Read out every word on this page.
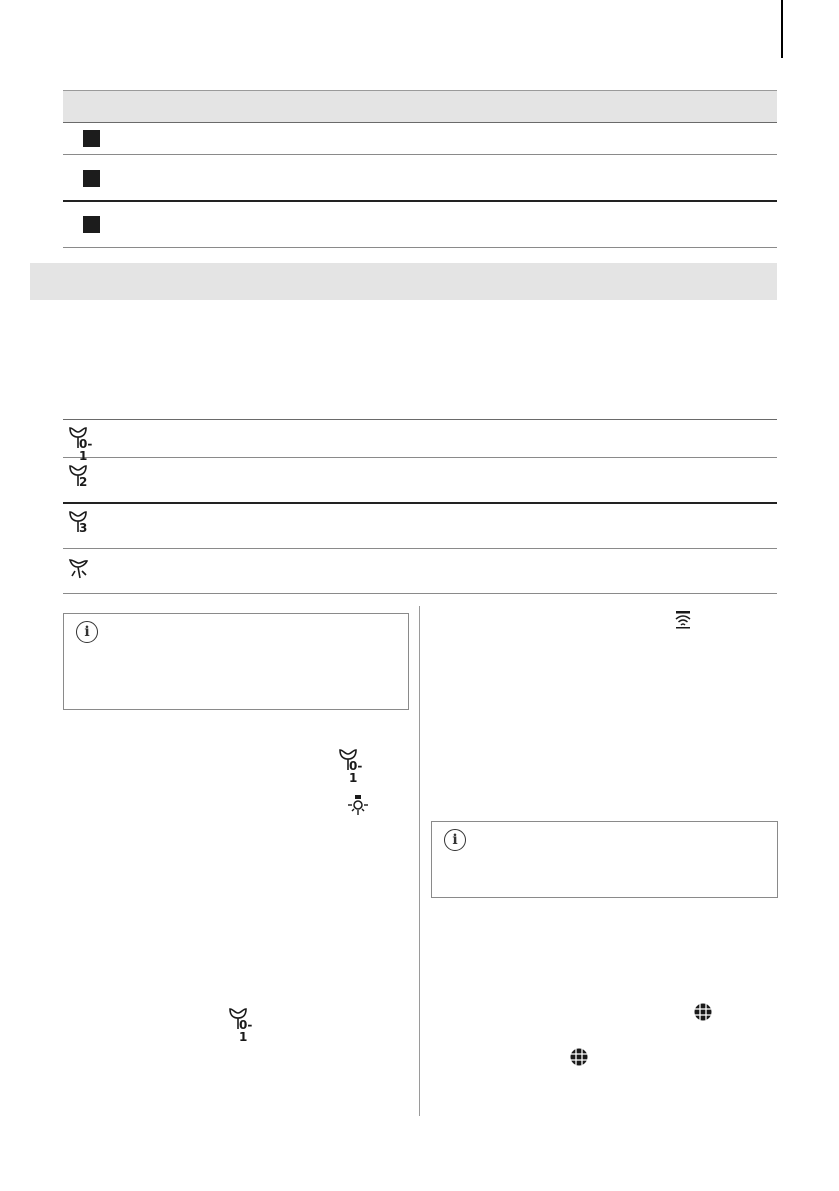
0-1
2
3
i
0-1
0-1
i
